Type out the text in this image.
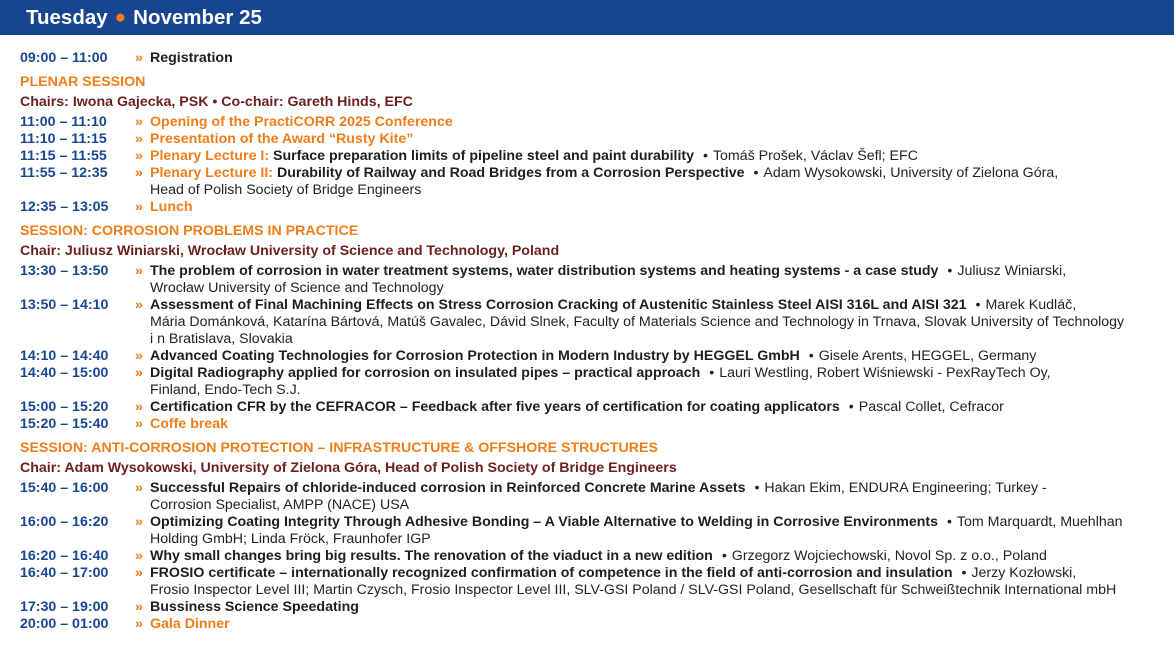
Tuesday ● November 25
09:00 – 11:00	» Registration
PLENAR SESSION
Chairs: Iwona Gajecka, PSK • Co-chair: Gareth Hinds, EFC
11:00 – 11:10	» Opening of the PractiCORR 2025 Conference
11:10 – 11:15	» Presentation of the Award “Rusty Kite”
11:15 – 11:55	» Plenary Lecture I: Surface preparation limits of pipeline steel and paint durability • Tomáš Prošek, Václav Šefl; EFC
11:55 – 12:35	» Plenary Lecture II: Durability of Railway and Road Bridges from a Corrosion Perspective • Adam Wysokowski, University of Zielona Góra,
Head of Polish Society of Bridge Engineers
12:35 – 13:05	» Lunch
SESSION: CORROSION PROBLEMS IN PRACTICE
Chair: Juliusz Winiarski, Wrocław University of Science and Technology, Poland
13:30 – 13:50	» The problem of corrosion in water treatment systems, water distribution systems and heating systems - a case study • Juliusz Winiarski,
Wrocław University of Science and Technology
13:50 – 14:10	» Assessment of Final Machining Effects on Stress Corrosion Cracking of Austenitic Stainless Steel AISI 316L and AISI 321 • Marek Kudláč,
Mária Dománková, Katarína Bártová, Matúš Gavalec, Dávid Slnek, Faculty of Materials Science and Technology in Trnava, Slovak University of Technology
i n Bratislava, Slovakia
14:10 – 14:40	» Advanced Coating Technologies for Corrosion Protection in Modern Industry by HEGGEL GmbH • Gisele Arents, HEGGEL, Germany
14:40 – 15:00	» Digital Radiography applied for corrosion on insulated pipes – practical approach • Lauri Westling, Robert Wiśniewski - PexRayTech Oy,
Finland, Endo-Tech S.J.
15:00 – 15:20	» Certification CFR by the CEFRACOR – Feedback after five years of certification for coating applicators • Pascal Collet, Cefracor
15:20 – 15:40	» Coffe break
SESSION: ANTI-CORROSION PROTECTION – INFRASTRUCTURE & OFFSHORE STRUCTURES
Chair: Adam Wysokowski, University of Zielona Góra, Head of Polish Society of Bridge Engineers
15:40 – 16:00	» Successful Repairs of chloride-induced corrosion in Reinforced Concrete Marine Assets • Hakan Ekim, ENDURA Engineering; Turkey -
Corrosion Specialist, AMPP (NACE) USA
16:00 – 16:20	» Optimizing Coating Integrity Through Adhesive Bonding – A Viable Alternative to Welding in Corrosive Environments • Tom Marquardt, Muehlhan
Holding GmbH; Linda Fröck, Fraunhofer IGP
16:20 – 16:40	» Why small changes bring big results. The renovation of the viaduct in a new edition • Grzegorz Wojciechowski, Novol Sp. z o.o., Poland
16:40 – 17:00	» FROSIO certificate – internationally recognized confirmation of competence in the field of anti-corrosion and insulation • Jerzy Kozłowski,
Frosio Inspector Level III; Martin Czysch, Frosio Inspector Level III, SLV-GSI Poland / SLV-GSI Poland, Gesellschaft für Schweißtechnik International mbH
17:30 – 19:00	» Bussiness Science Speedating
20:00 – 01:00	» Gala Dinner
